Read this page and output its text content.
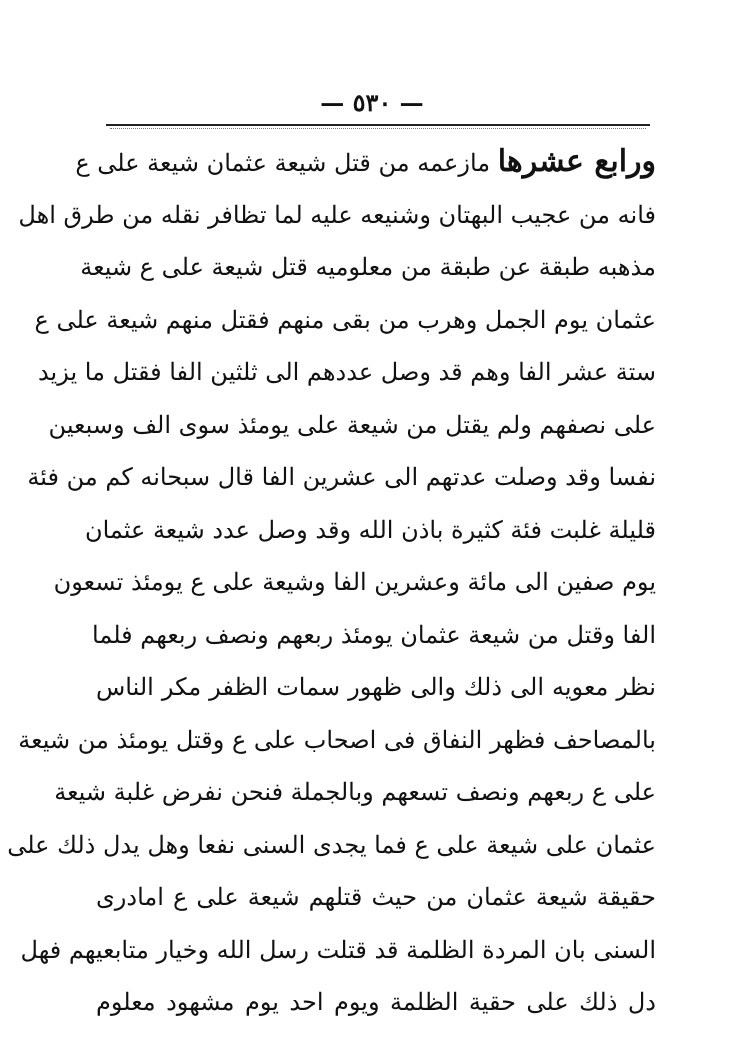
— ٥٣٠ —
ورابع عشرها مازعمه من قتل شيعة عثمان شيعة على ع
فانه من عجيب البهتان وشنيعه عليه لما تظافر نقله من طرق اهل
مذهبه طبقة عن طبقة من معلوميه قتل شيعة على ع شيعة
عثمان يوم الجمل وهرب من بقى منهم فقتل منهم شيعة على ع
ستة عشر الفا وهم قد وصل عددهم الى ثلثين الفا فقتل ما يزيد
على نصفهم ولم يقتل من شيعة على يومئذ سوى الف وسبعين
نفسا وقد وصلت عدتهم الى عشرين الفا قال سبحانه كم من فئة
قليلة غلبت فئة كثيرة باذن الله وقد وصل عدد شيعة عثمان
يوم صفين الى مائة وعشرين الفا وشيعة على ع يومئذ تسعون
الفا وقتل من شيعة عثمان يومئذ ربعهم ونصف ربعهم فلما
نظر معويه الى ذلك والى ظهور سمات الظفر مكر الناس
بالمصاحف فظهر النفاق فى اصحاب على ع وقتل يومئذ من شيعة
على ع ربعهم ونصف تسعهم وبالجملة فنحن نفرض غلبة شيعة
عثمان على شيعة على ع فما يجدى السنى نفعا وهل يدل ذلك على
حقيقة شيعة عثمان من حيث قتلهم شيعة على ع امادرى
السنى بان المردة الظلمة قد قتلت رسل الله وخيار متابعيهم فهل
دل ذلك على حقية الظلمة ويوم احد يوم مشهود معلوم
